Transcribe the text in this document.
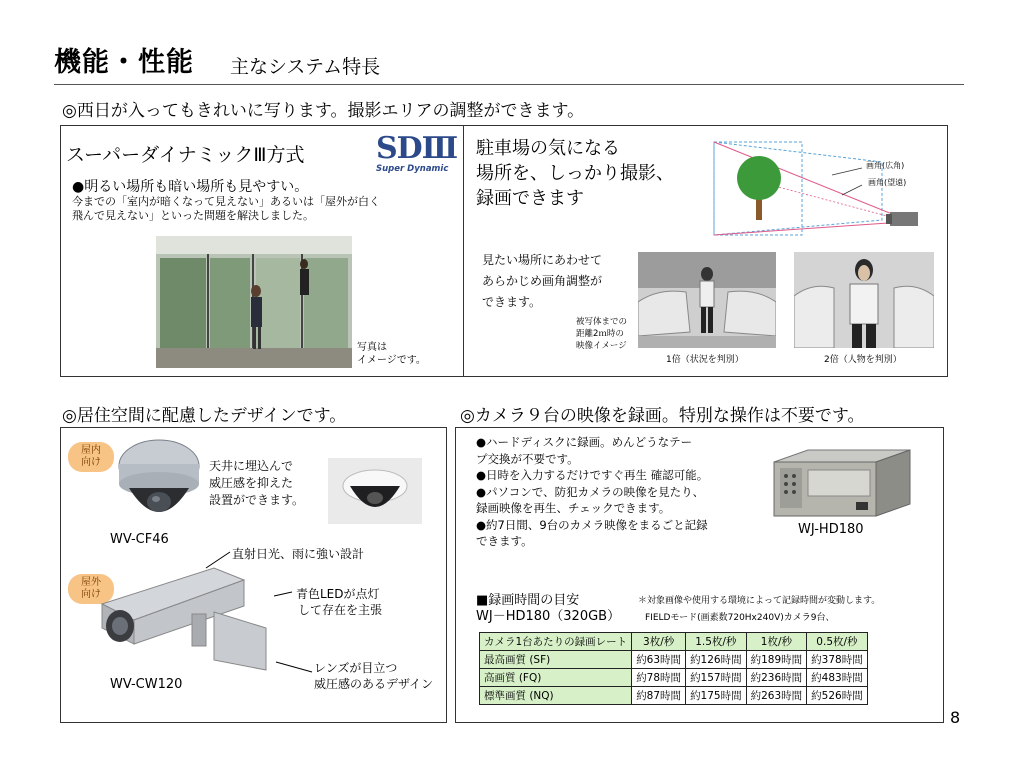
機能・性能 主なシステム特長
◎西日が入ってもきれいに写ります。撮影エリアの調整ができます。
スーパーダイナミックⅢ方式 SDⅢ
Super Dynamic
●明るい場所も暗い場所も見やすい。
今までの「室内が暗くなって見えない」あるいは「屋外が白く
飛んで見えない」といった問題を解決しました。
写真は
イメージです。
駐車場の気になる
場所を、しっかり撮影、
録画できます
画角(広角)
画角(望遠)
見たい場所にあわせて
あらかじめ画角調整が
できます。
被写体までの
距離2ｍ時の
映像イメージ
1倍（状況を判別）	2倍（人物を判別）
◎居住空間に配慮したデザインです。	◎カメラ９台の映像を録画。特別な操作は不要です。
屋内
向け	天井に埋込んで
威圧感を抑えた
設置ができます。
WV-CF46
直射日光、雨に強い設計
屋外
向け	青色LEDが点灯
して存在を主張
レンズが目立つ
威圧感のあるデザイン
WV-CW120
●ハードディスクに録画。めんどうなテー
プ交換が不要です。
●日時を入力するだけですぐ再生 確認可能。
●パソコンで、防犯カメラの映像を見たり、
録画映像を再生、チェックできます。
●約7日間、9台のカメラ映像をまるごと記録
できます。
WJ-HD180
■録画時間の目安
WJ－HD180（320GB）
＊対象画像や使用する環境によって記録時間が変動します。
FIELDモード(画素数720Hx240V)カメラ9台、
カメラ1台あたりの録画レート	3枚/秒	1.5枚/秒	1枚/秒	0.5枚/秒
最高画質 (SF)	約63時間	約126時間	約189時間	約378時間
高画質 (FQ)	約78時間	約157時間	約236時間	約483時間
標準画質 (NQ)	約87時間	約175時間	約263時間	約526時間
8
